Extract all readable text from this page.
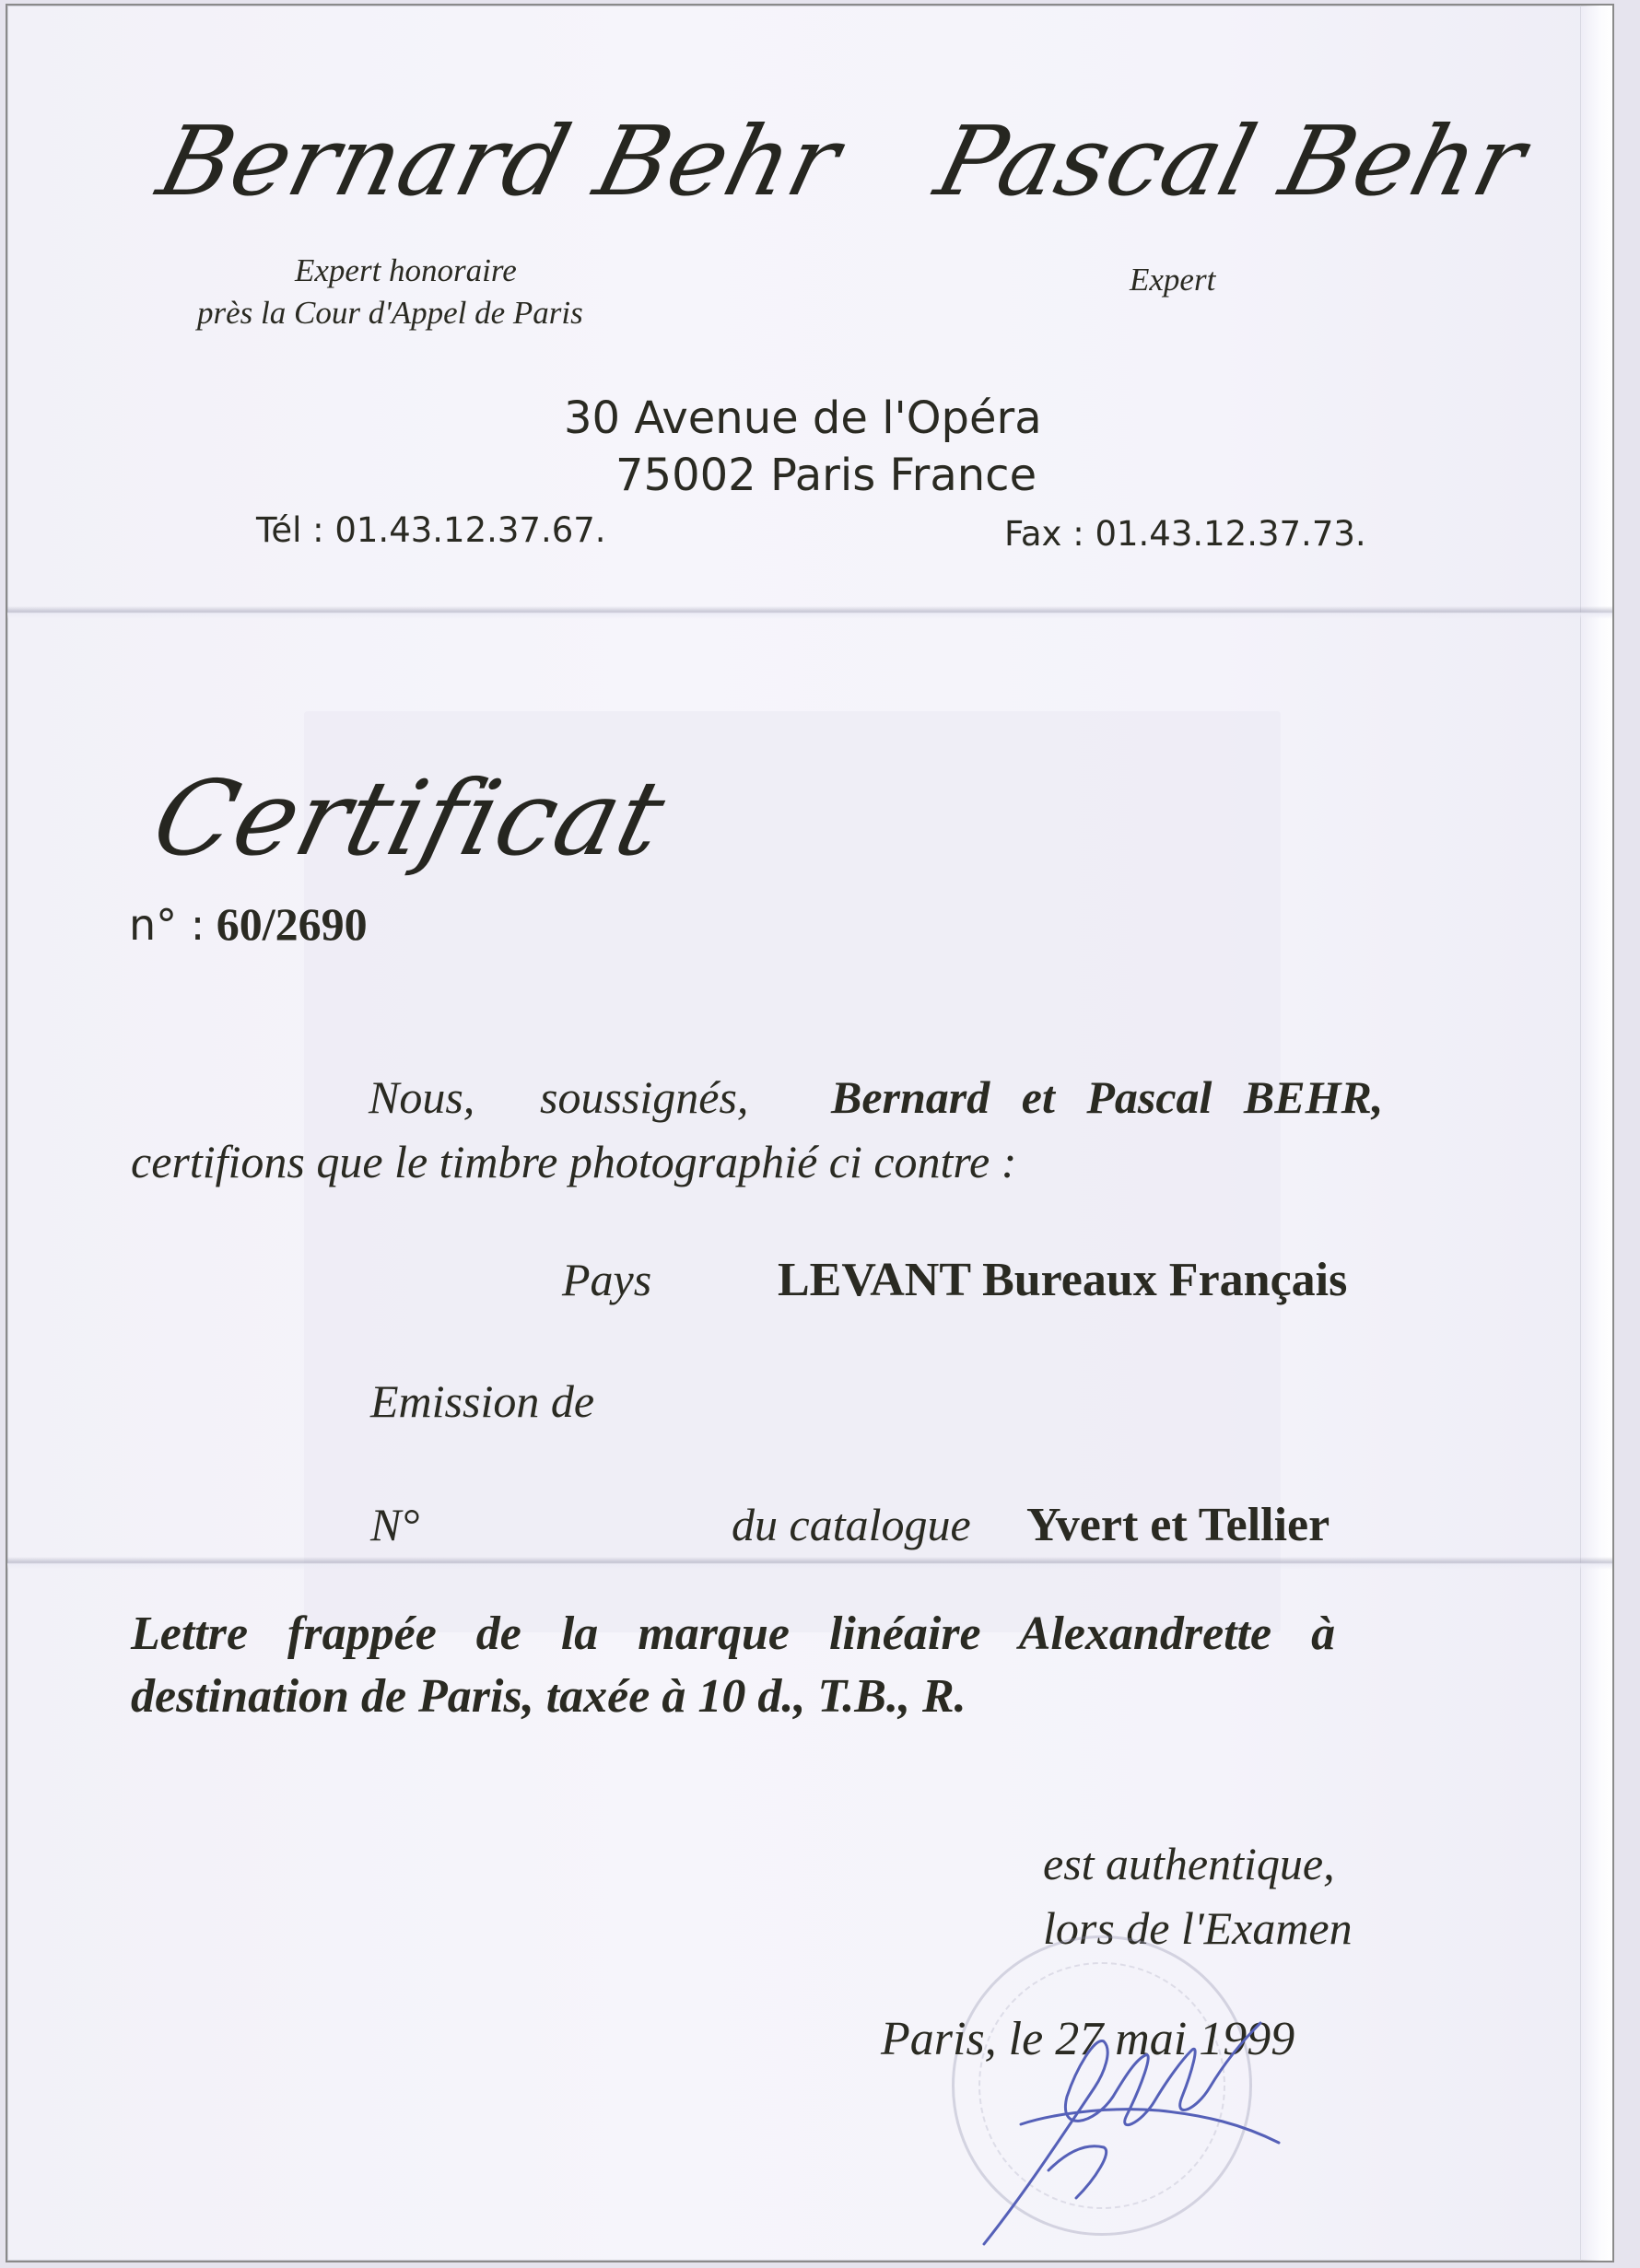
Bernard Behr Pascal Behr
Expert honoraire
près la Cour d'Appel de Paris
Expert
30 Avenue de l'Opéra
75002 Paris France
Tél : 01.43.12.37.67.	Fax : 01.43.12.37.73.
Certificat
n° : 60/2690
Nous, soussignés, Bernard et Pascal BEHR,
certifions que le timbre photographié ci contre :
Pays	LEVANT Bureaux Français
Emission de
N°	du catalogue Yvert et Tellier
Lettre frappée de la marque linéaire Alexandrette à
destination de Paris, taxée à 10 d., T.B., R.
est authentique,
lors de l'Examen
Paris, le 27 mai 1999
